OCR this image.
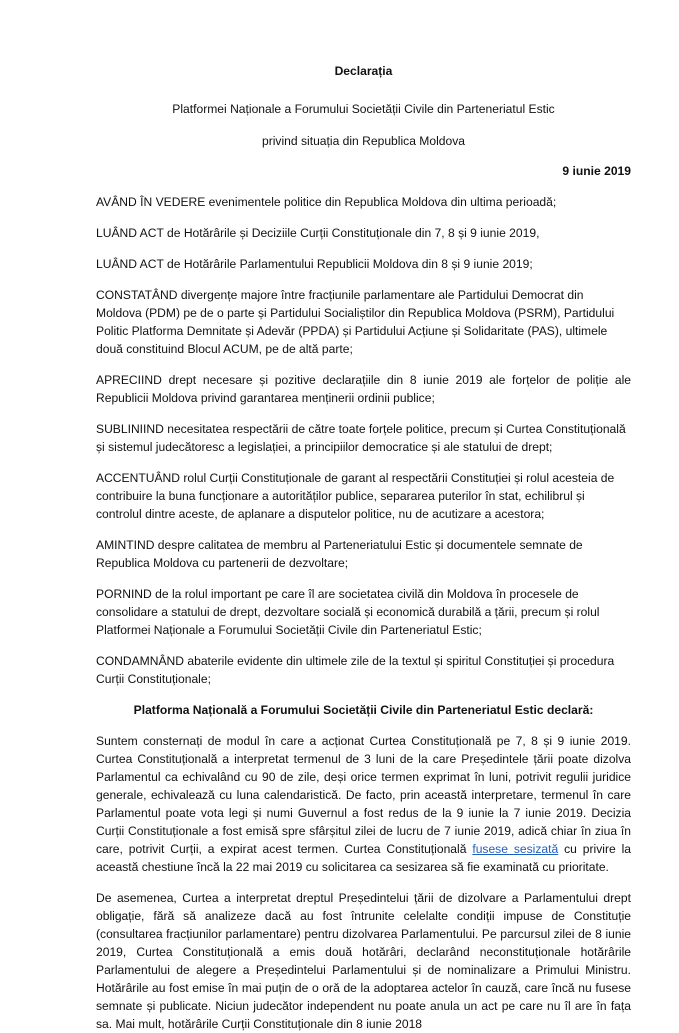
Declarația
Platformei Naționale a Forumului Societății Civile din Parteneriatul Estic
privind situația din Republica Moldova
9 iunie 2019
AVÂND ÎN VEDERE evenimentele politice din Republica Moldova din ultima perioadă;
LUÂND ACT de Hotărârile și Deciziile Curții Constituționale din 7, 8 și 9 iunie 2019,
LUÂND ACT de Hotărârile Parlamentului Republicii Moldova din 8 și 9 iunie 2019;
CONSTATÂND divergențe majore între fracțiunile parlamentare ale Partidului Democrat din Moldova (PDM) pe de o parte și Partidului Socialiștilor din Republica Moldova (PSRM), Partidului Politic Platforma Demnitate și Adevăr (PPDA) și Partidului Acțiune și Solidaritate (PAS), ultimele două constituind Blocul ACUM, pe de altă parte;
APRECIIND drept necesare și pozitive declarațiile din 8 iunie 2019 ale forțelor de poliție ale Republicii Moldova privind garantarea menținerii ordinii publice;
SUBLINIIND necesitatea respectării de către toate forțele politice, precum și Curtea Constituțională și sistemul judecătoresc a legislației, a principiilor democratice și ale statului de drept;
ACCENTUÂND rolul Curții Constituționale de garant al respectării Constituției și rolul acesteia de contribuire la buna funcționare a autorităților publice, separarea puterilor în stat, echilibrul și controlul dintre aceste, de aplanare a disputelor politice, nu de acutizare a acestora;
AMINTIND despre calitatea de membru al Parteneriatului Estic și documentele semnate de Republica Moldova cu partenerii de dezvoltare;
PORNIND de la rolul important pe care îl are societatea civilă din Moldova în procesele de consolidare a statului de drept, dezvoltare socială și economică durabilă a țării, precum și rolul Platformei Naționale a Forumului Societății Civile din Parteneriatul Estic;
CONDAMNÂND abaterile evidente din ultimele zile de la textul și spiritul Constituției și procedura Curții Constituționale;
Platforma Națională a Forumului Societății Civile din Parteneriatul Estic declară:
Suntem consternați de modul în care a acționat Curtea Constituțională pe 7, 8 și 9 iunie 2019. Curtea Constituțională a interpretat termenul de 3 luni de la care Președintele țării poate dizolva Parlamentul ca echivalând cu 90 de zile, deși orice termen exprimat în luni, potrivit regulii juridice generale, echivalează cu luna calendaristică. De facto, prin această interpretare, termenul în care Parlamentul poate vota legi și numi Guvernul a fost redus de la 9 iunie la 7 iunie 2019. Decizia Curții Constituționale a fost emisă spre sfârșitul zilei de lucru de 7 iunie 2019, adică chiar în ziua în care, potrivit Curții, a expirat acest termen. Curtea Constituțională fusese sesizată cu privire la această chestiune încă la 22 mai 2019 cu solicitarea ca sesizarea să fie examinată cu prioritate.
De asemenea, Curtea a interpretat dreptul Președintelui țării de dizolvare a Parlamentului drept obligație, fără să analizeze dacă au fost întrunite celelalte condiții impuse de Constituție (consultarea fracțiunilor parlamentare) pentru dizolvarea Parlamentului. Pe parcursul zilei de 8 iunie 2019, Curtea Constituțională a emis două hotărâri, declarând neconstituționale hotărârile Parlamentului de alegere a Președintelui Parlamentului și de nominalizare a Primului Ministru. Hotărârile au fost emise în mai puțin de o oră de la adoptarea actelor în cauză, care încă nu fusese semnate și publicate. Niciun judecător independent nu poate anula un act pe care nu îl are în fața sa. Mai mult, hotărârile Curții Constituționale din 8 iunie 2018
